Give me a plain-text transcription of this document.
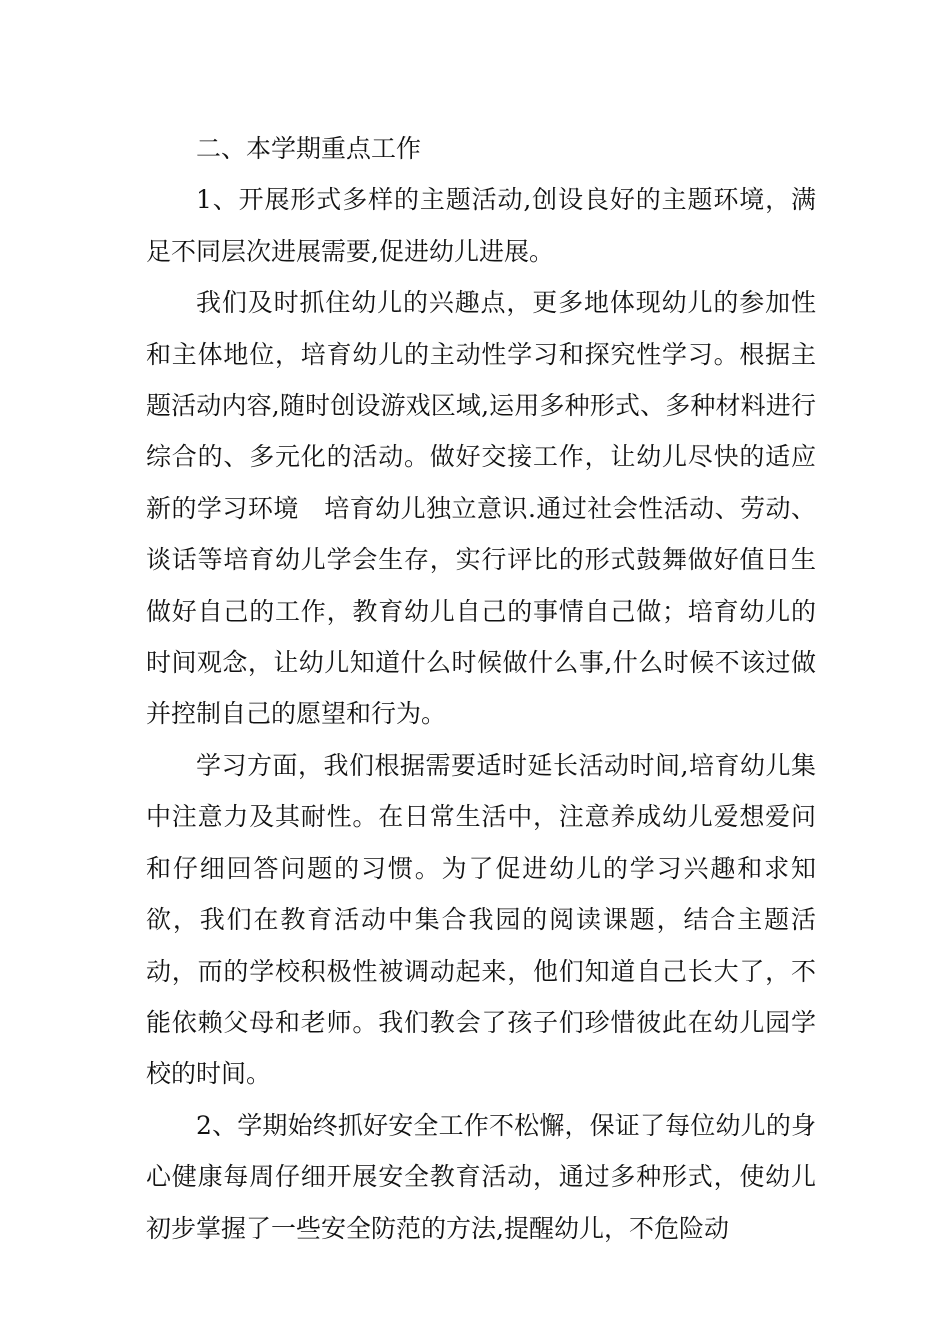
二、本学期重点工作

1、开展形式多样的主题活动,创设良好的主题环境，满足不同层次进展需要,促进幼儿进展。

我们及时抓住幼儿的兴趣点，更多地体现幼儿的参加性和主体地位，培育幼儿的主动性学习和探究性学习。根据主题活动内容,随时创设游戏区域,运用多种形式、多种材料进行综合的、多元化的活动。做好交接工作，让幼儿尽快的适应新的学习环境　培育幼儿独立意识.通过社会性活动、劳动、谈话等培育幼儿学会生存，实行评比的形式鼓舞做好值日生做好自己的工作，教育幼儿自己的事情自己做；培育幼儿的时间观念，让幼儿知道什么时候做什么事,什么时候不该过做并控制自己的愿望和行为。

学习方面，我们根据需要适时延长活动时间,培育幼儿集中注意力及其耐性。在日常生活中，注意养成幼儿爱想爱问和仔细回答问题的习惯。为了促进幼儿的学习兴趣和求知欲，我们在教育活动中集合我园的阅读课题，结合主题活动，而的学校积极性被调动起来，他们知道自己长大了，不能依赖父母和老师。我们教会了孩子们珍惜彼此在幼儿园学校的时间。

2、学期始终抓好安全工作不松懈，保证了每位幼儿的身心健康每周仔细开展安全教育活动，通过多种形式，使幼儿初步掌握了一些安全防范的方法,提醒幼儿，不危险动
